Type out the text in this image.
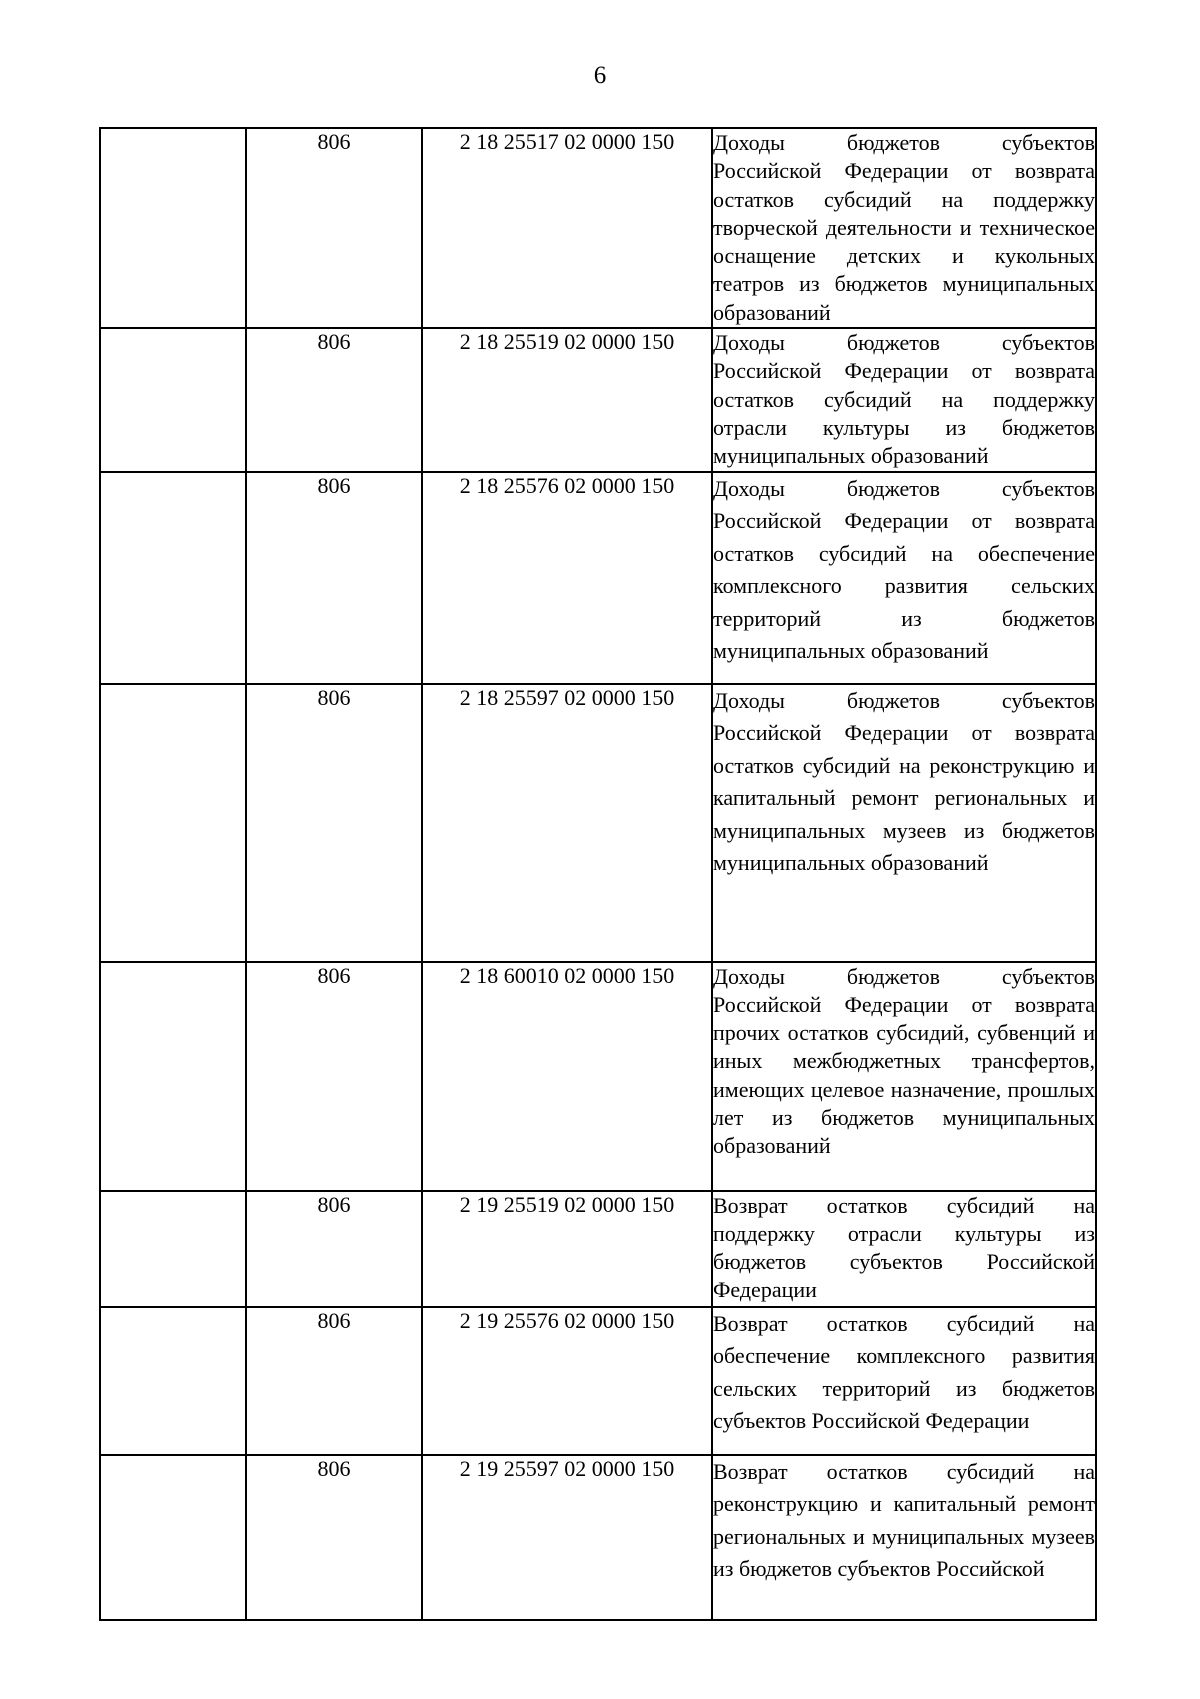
6
	806	2 18 25517 02 0000 150	Доходы бюджетов субъектов Российской Федерации от возврата остатков субсидий на поддержку творческой деятельности и техническое оснащение детских и кукольных театров из бюджетов муниципальных образований

	806	2 18 25519 02 0000 150	Доходы бюджетов субъектов Российской Федерации от возврата остатков субсидий на поддержку отрасли культуры из бюджетов муниципальных образований

	806	2 18 25576 02 0000 150	Доходы бюджетов субъектов Российской Федерации от возврата остатков субсидий на обеспечение комплексного развития сельских территорий из бюджетов муниципальных образований

	806	2 18 25597 02 0000 150	Доходы бюджетов субъектов Российской Федерации от возврата остатков субсидий на реконструкцию и капитальный ремонт региональных и муниципальных музеев из бюджетов муниципальных образований

	806	2 18 60010 02 0000 150	Доходы бюджетов субъектов Российской Федерации от возврата прочих остатков субсидий, субвенций и иных межбюджетных трансфертов, имеющих целевое назначение, прошлых лет из бюджетов муниципальных образований

	806	2 19 25519 02 0000 150	Возврат остатков субсидий на поддержку отрасли культуры из бюджетов субъектов Российской Федерации

	806	2 19 25576 02 0000 150	Возврат остатков субсидий на обеспечение комплексного развития сельских территорий из бюджетов субъектов Российской Федерации

	806	2 19 25597 02 0000 150	Возврат остатков субсидий на реконструкцию и капитальный ремонт региональных и муниципальных музеев из бюджетов субъектов Российской
